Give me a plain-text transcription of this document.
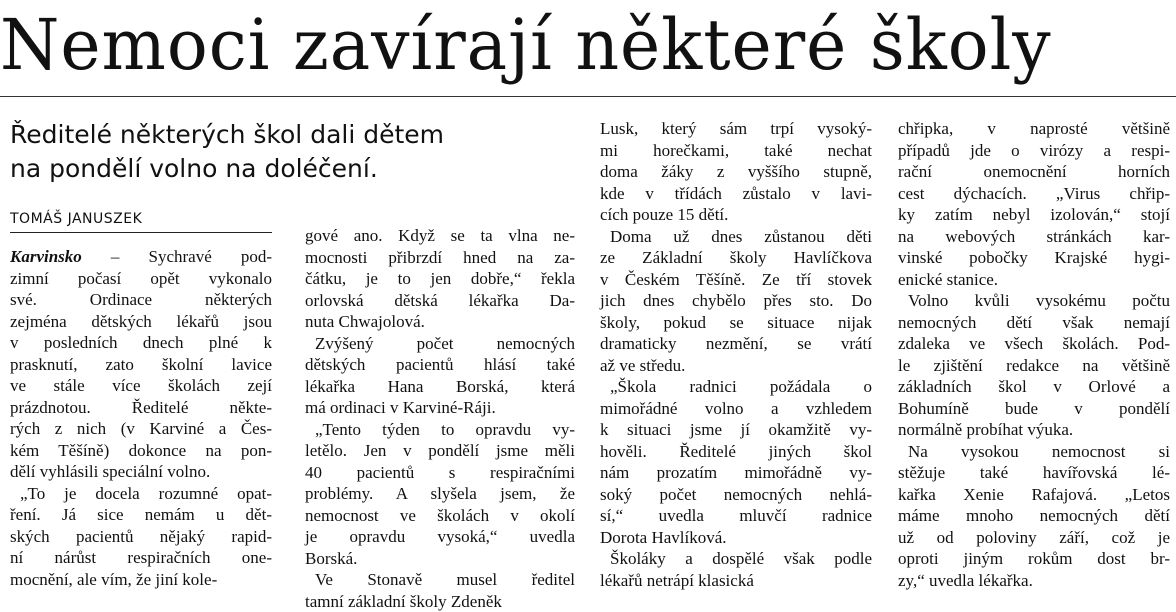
Nemoci zavírají některé školy
Ředitelé některých škol dali dětem
na pondělí volno na doléčení.
TOMÁŠ JANUSZEK
Karvinsko – Sychravé pod-
zimní počasí opět vykonalo
své. Ordinace některých
zejména dětských lékařů jsou
v posledních dnech plné k
prasknutí, zato školní lavice
ve stále více školách zejí
prázdnotou. Ředitelé někte-
rých z nich (v Karviné a Čes-
kém Těšíně) dokonce na pon-
dělí vyhlásili speciální volno.
„To je docela rozumné opat-
ření. Já sice nemám u dět-
ských pacientů nějaký rapid-
ní nárůst respiračních one-
mocnění, ale vím, že jiní kole-
gové ano. Když se ta vlna ne-
mocnosti přibrzdí hned na za-
čátku, je to jen dobře,“ řekla
orlovská dětská lékařka Da-
nuta Chwajolová.
Zvýšený počet nemocných
dětských pacientů hlásí také
lékařka Hana Borská, která
má ordinaci v Karviné-Ráji.
„Tento týden to opravdu vy-
letělo. Jen v pondělí jsme měli
40 pacientů s respiračními
problémy. A slyšela jsem, že
nemocnost ve školách v okolí
je opravdu vysoká,“ uvedla
Borská.
Ve Stonavě musel ředitel
tamní základní školy Zdeněk
Lusk, který sám trpí vysoký-
mi horečkami, také nechat
doma žáky z vyššího stupně,
kde v třídách zůstalo v lavi-
cích pouze 15 dětí.
Doma už dnes zůstanou děti
ze Základní školy Havlíčkova
v Českém Těšíně. Ze tří stovek
jich dnes chybělo přes sto. Do
školy, pokud se situace nijak
dramaticky nezmění, se vrátí
až ve středu.
„Škola radnici požádala o
mimořádné volno a vzhledem
k situaci jsme jí okamžitě vy-
hověli. Ředitelé jiných škol
nám prozatím mimořádně vy-
soký počet nemocných nehlá-
sí,“ uvedla mluvčí radnice
Dorota Havlíková.
Školáky a dospělé však podle
lékařů netrápí klasická
chřipka, v naprosté většině
případů jde o virózy a respi-
rační onemocnění horních
cest dýchacích. „Virus chřip-
ky zatím nebyl izolován,“ stojí
na webových stránkách kar-
vinské pobočky Krajské hygi-
enické stanice.
Volno kvůli vysokému počtu
nemocných dětí však nemají
zdaleka ve všech školách. Pod-
le zjištění redakce na většině
základních škol v Orlové a
Bohumíně bude v pondělí
normálně probíhat výuka.
Na vysokou nemocnost si
stěžuje také havířovská lé-
kařka Xenie Rafajová. „Letos
máme mnoho nemocných dětí
už od poloviny září, což je
oproti jiným rokům dost br-
zy,“ uvedla lékařka.
